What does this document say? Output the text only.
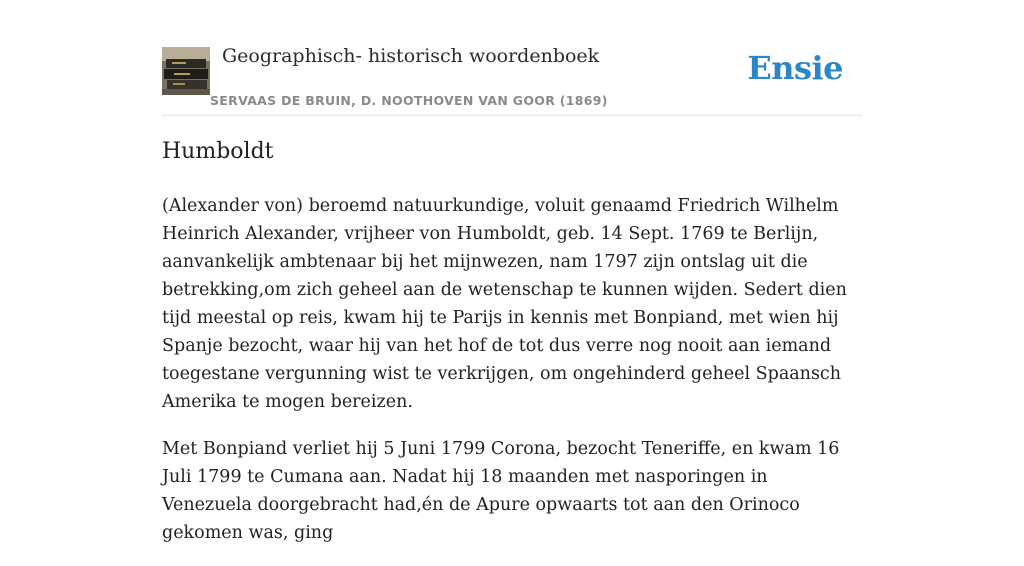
Geographisch- historisch woordenboek
SERVAAS DE BRUIN, D. NOOTHOVEN VAN GOOR (1869)
Ensie
Humboldt

(Alexander von) beroemd natuurkundige, voluit genaamd Friedrich Wilhelm Heinrich Alexander, vrijheer von Humboldt, geb. 14 Sept. 1769 te Berlijn, aanvankelijk ambtenaar bij het mijnwezen, nam 1797 zijn ontslag uit die betrekking,om zich geheel aan de wetenschap te kunnen wijden. Sedert dien tijd meestal op reis, kwam hij te Parijs in kennis met Bonpiand, met wien hij Spanje bezocht, waar hij van het hof de tot dus verre nog nooit aan iemand toegestane vergunning wist te verkrijgen, om ongehinderd geheel Spaansch Amerika te mogen bereizen.

Met Bonpiand verliet hij 5 Juni 1799 Corona, bezocht Teneriffe, en kwam 16 Juli 1799 te Cumana aan. Nadat hij 18 maanden met nasporingen in Venezuela doorgebracht had,én de Apure opwaarts tot aan den Orinoco gekomen was, ging
